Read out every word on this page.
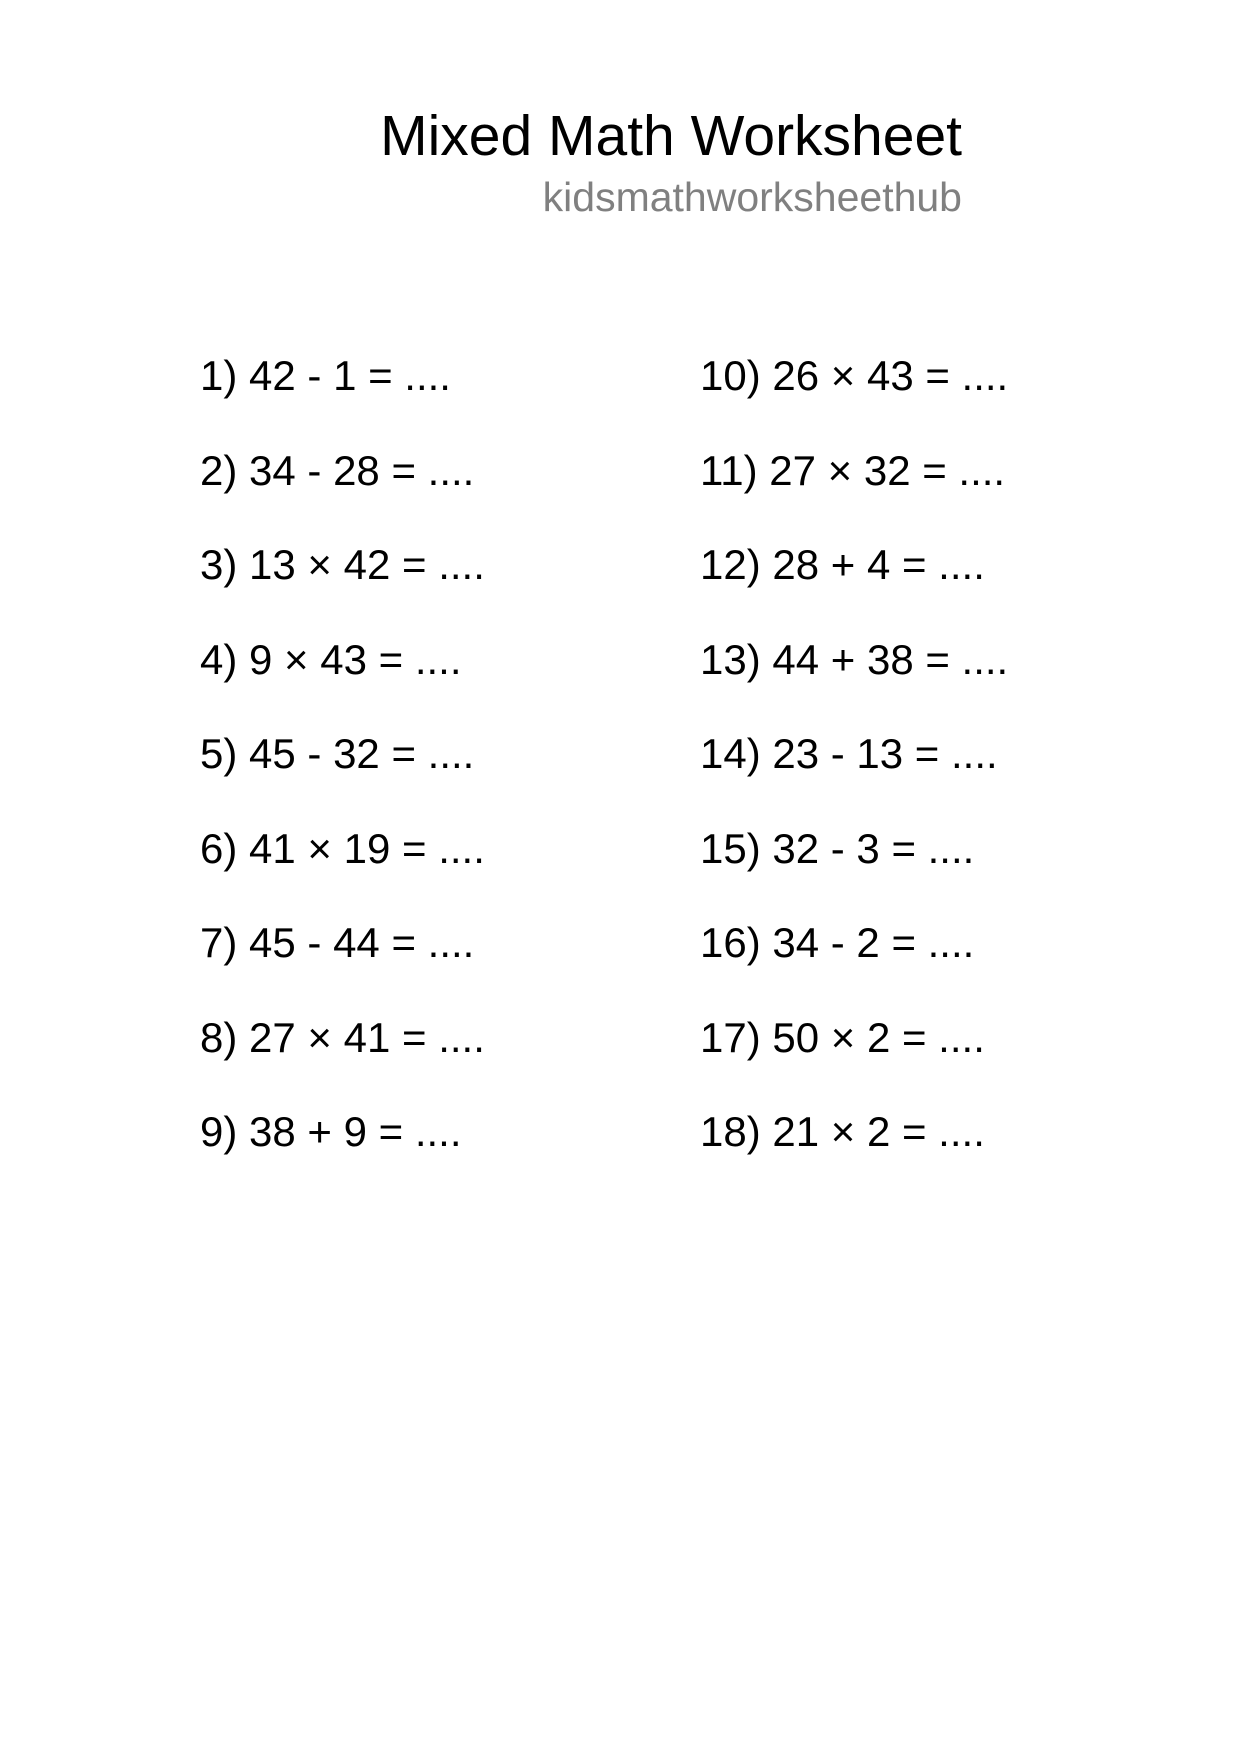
Mixed Math Worksheet
kidsmathworksheethub
1) 42 - 1 = ....
2) 34 - 28 = ....
3) 13 × 42 = ....
4) 9 × 43 = ....
5) 45 - 32 = ....
6) 41 × 19 = ....
7) 45 - 44 = ....
8) 27 × 41 = ....
9) 38 + 9 = ....
10) 26 × 43 = ....
11) 27 × 32 = ....
12) 28 + 4 = ....
13) 44 + 38 = ....
14) 23 - 13 = ....
15) 32 - 3 = ....
16) 34 - 2 = ....
17) 50 × 2 = ....
18) 21 × 2 = ....
